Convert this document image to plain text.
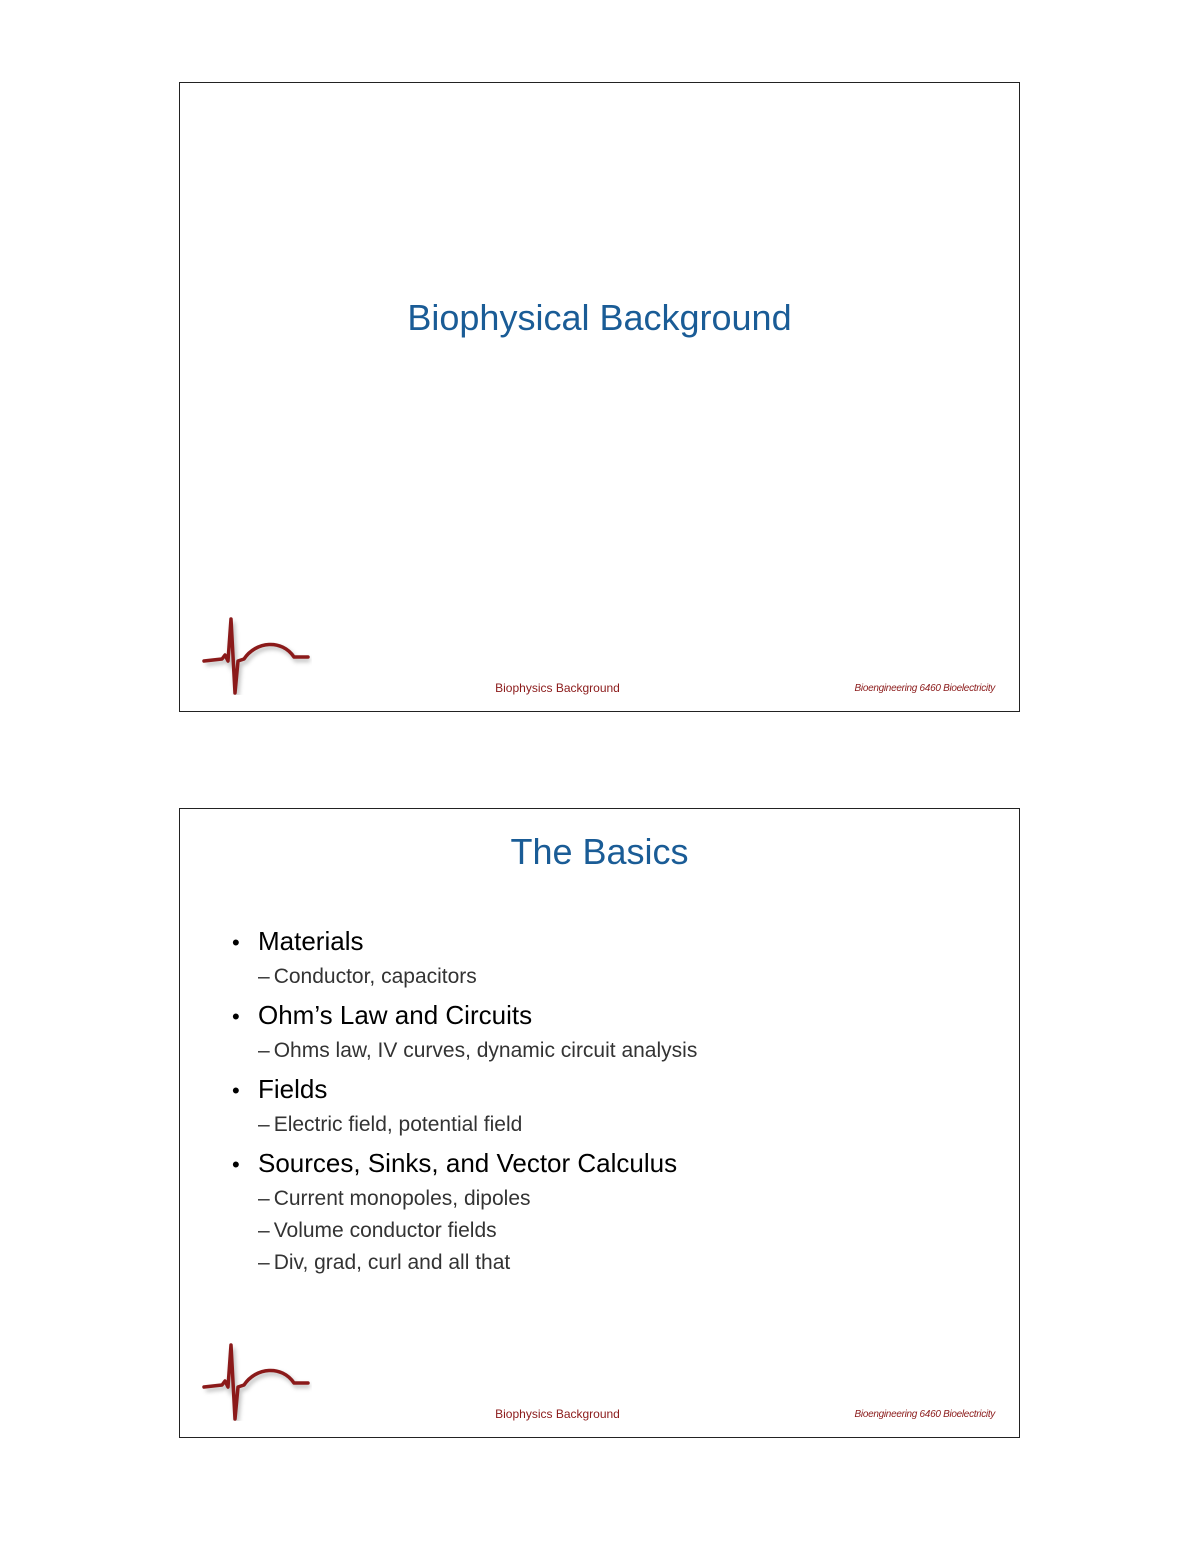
Biophysical Background
Biophysics Background	Bioengineering 6460 Bioelectricity
The Basics
• Materials
– Conductor, capacitors
• Ohm’s Law and Circuits
– Ohms law, IV curves, dynamic circuit analysis
• Fields
– Electric field, potential field
• Sources, Sinks, and Vector Calculus
– Current monopoles, dipoles
– Volume conductor fields
– Div, grad, curl and all that
Biophysics Background	Bioengineering 6460 Bioelectricity
